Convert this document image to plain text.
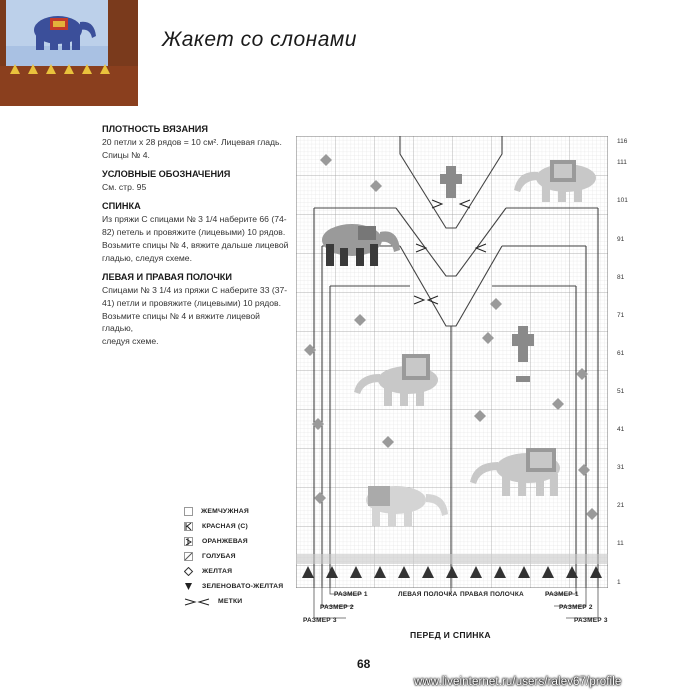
Жакет со слонами
ПЛОТНОСТЬ ВЯЗАНИЯ

20 петли x 28 рядов = 10 см². Лицевая гладь.

Спицы № 4.

УСЛОВНЫЕ ОБОЗНАЧЕНИЯ

См. стр. 95

СПИНКА

Из пряжи С спицами № 3 1/4 наберите 66 (74-

82) петель и провяжите (лицевыми) 10 рядов.

Возьмите спицы № 4, вяжите дальше лицевой

гладью, следуя схеме.

ЛЕВАЯ И ПРАВАЯ ПОЛОЧКИ

Спицами № 3 1/4 из пряжи С наберите 33 (37-

41) петли и провяжите (лицевыми) 10 рядов.

Возьмите спицы № 4 и вяжите лицевой гладью,

следуя схеме.

ЖЕМЧУЖНАЯ
КРАСНАЯ (С)
ОРАНЖЕВАЯ
ГОЛУБАЯ
ЖЕЛТАЯ
ЗЕЛЕНОВАТО-ЖЕЛТАЯ
МЕТКИ
116
111
101
91
81
71
61
51
41
31
21
11
1
РАЗМЕР 1
РАЗМЕР 2
РАЗМЕР 3
ЛЕВАЯ ПОЛОЧКА ПРАВАЯ ПОЛОЧКА	РАЗМЕР 1
РАЗМЕР 2
РАЗМЕР 3
ПЕРЕД И СПИНКА
68
www.liveinternet.ru/users/ralev67/profile
